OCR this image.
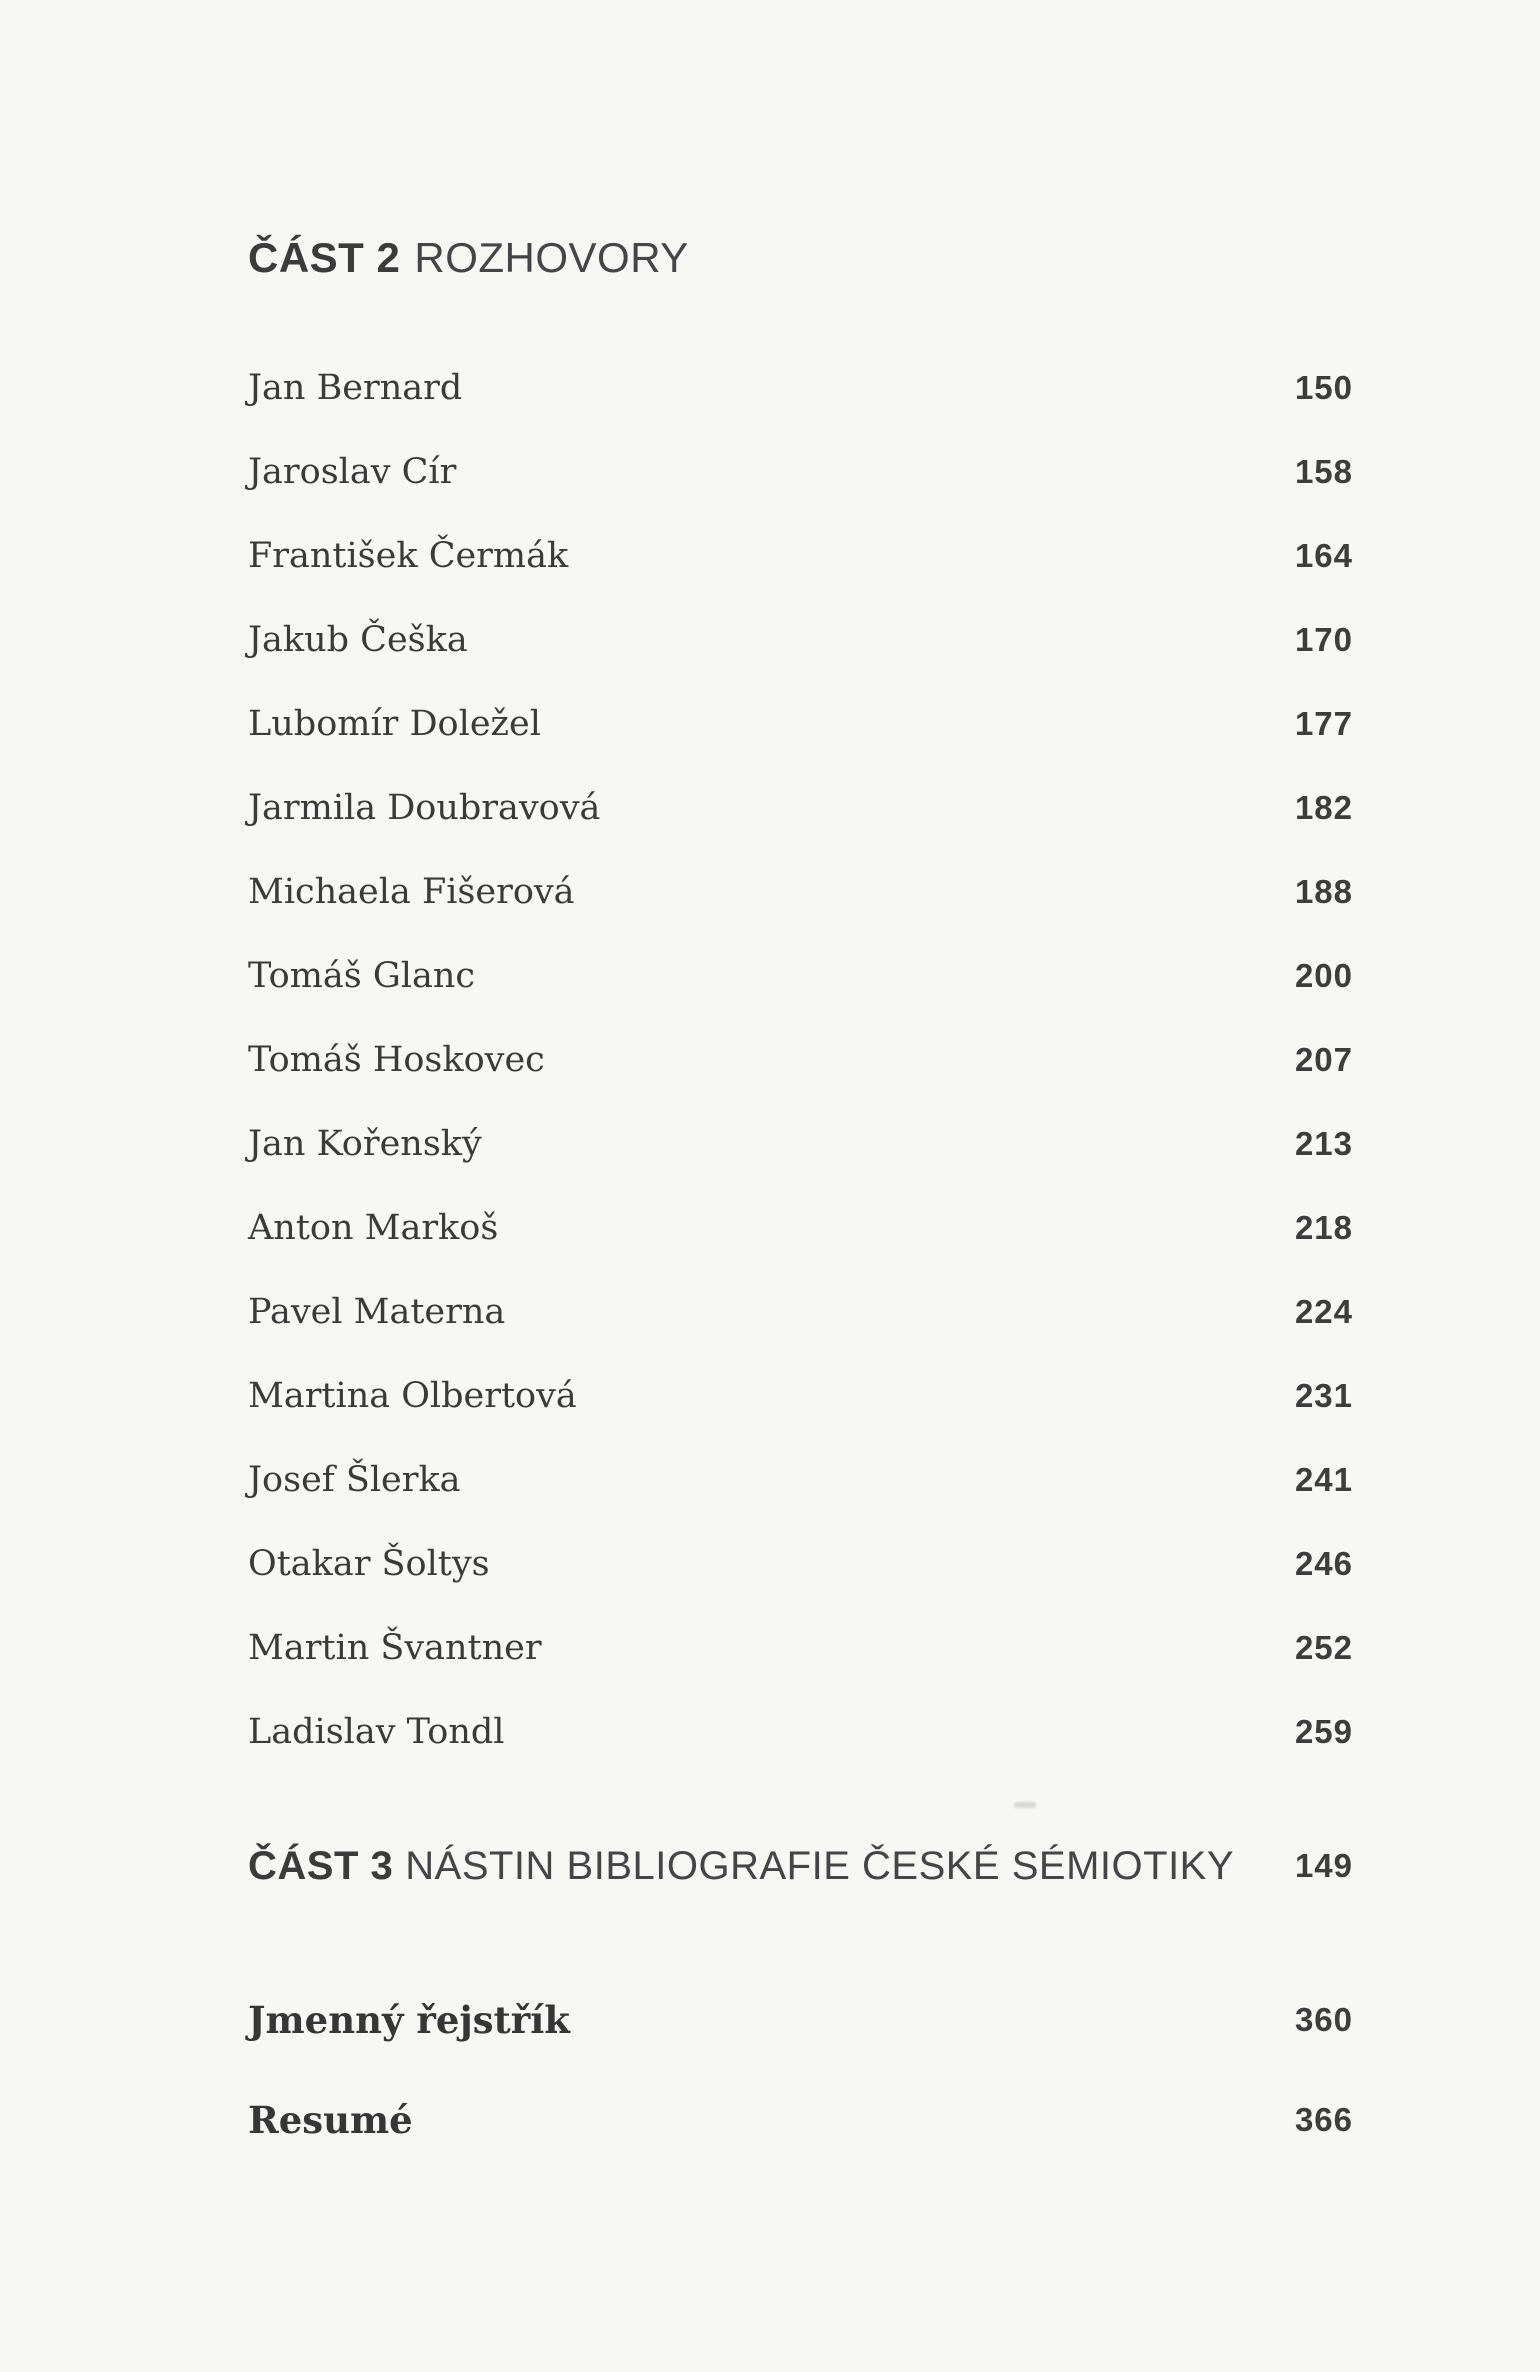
ČÁST 2 ROZHOVORY
Jan Bernard	150
Jaroslav Cír	158
František Čermák	164
Jakub Češka	170
Lubomír Doležel	177
Jarmila Doubravová	182
Michaela Fišerová	188
Tomáš Glanc	200
Tomáš Hoskovec	207
Jan Kořenský	213
Anton Markoš	218
Pavel Materna	224
Martina Olbertová	231
Josef Šlerka	241
Otakar Šoltys	246
Martin Švantner	252
Ladislav Tondl	259
ČÁST 3 NÁSTIN BIBLIOGRAFIE ČESKÉ SÉMIOTIKY 149
Jmenný řejstřík	360
Resumé	366
